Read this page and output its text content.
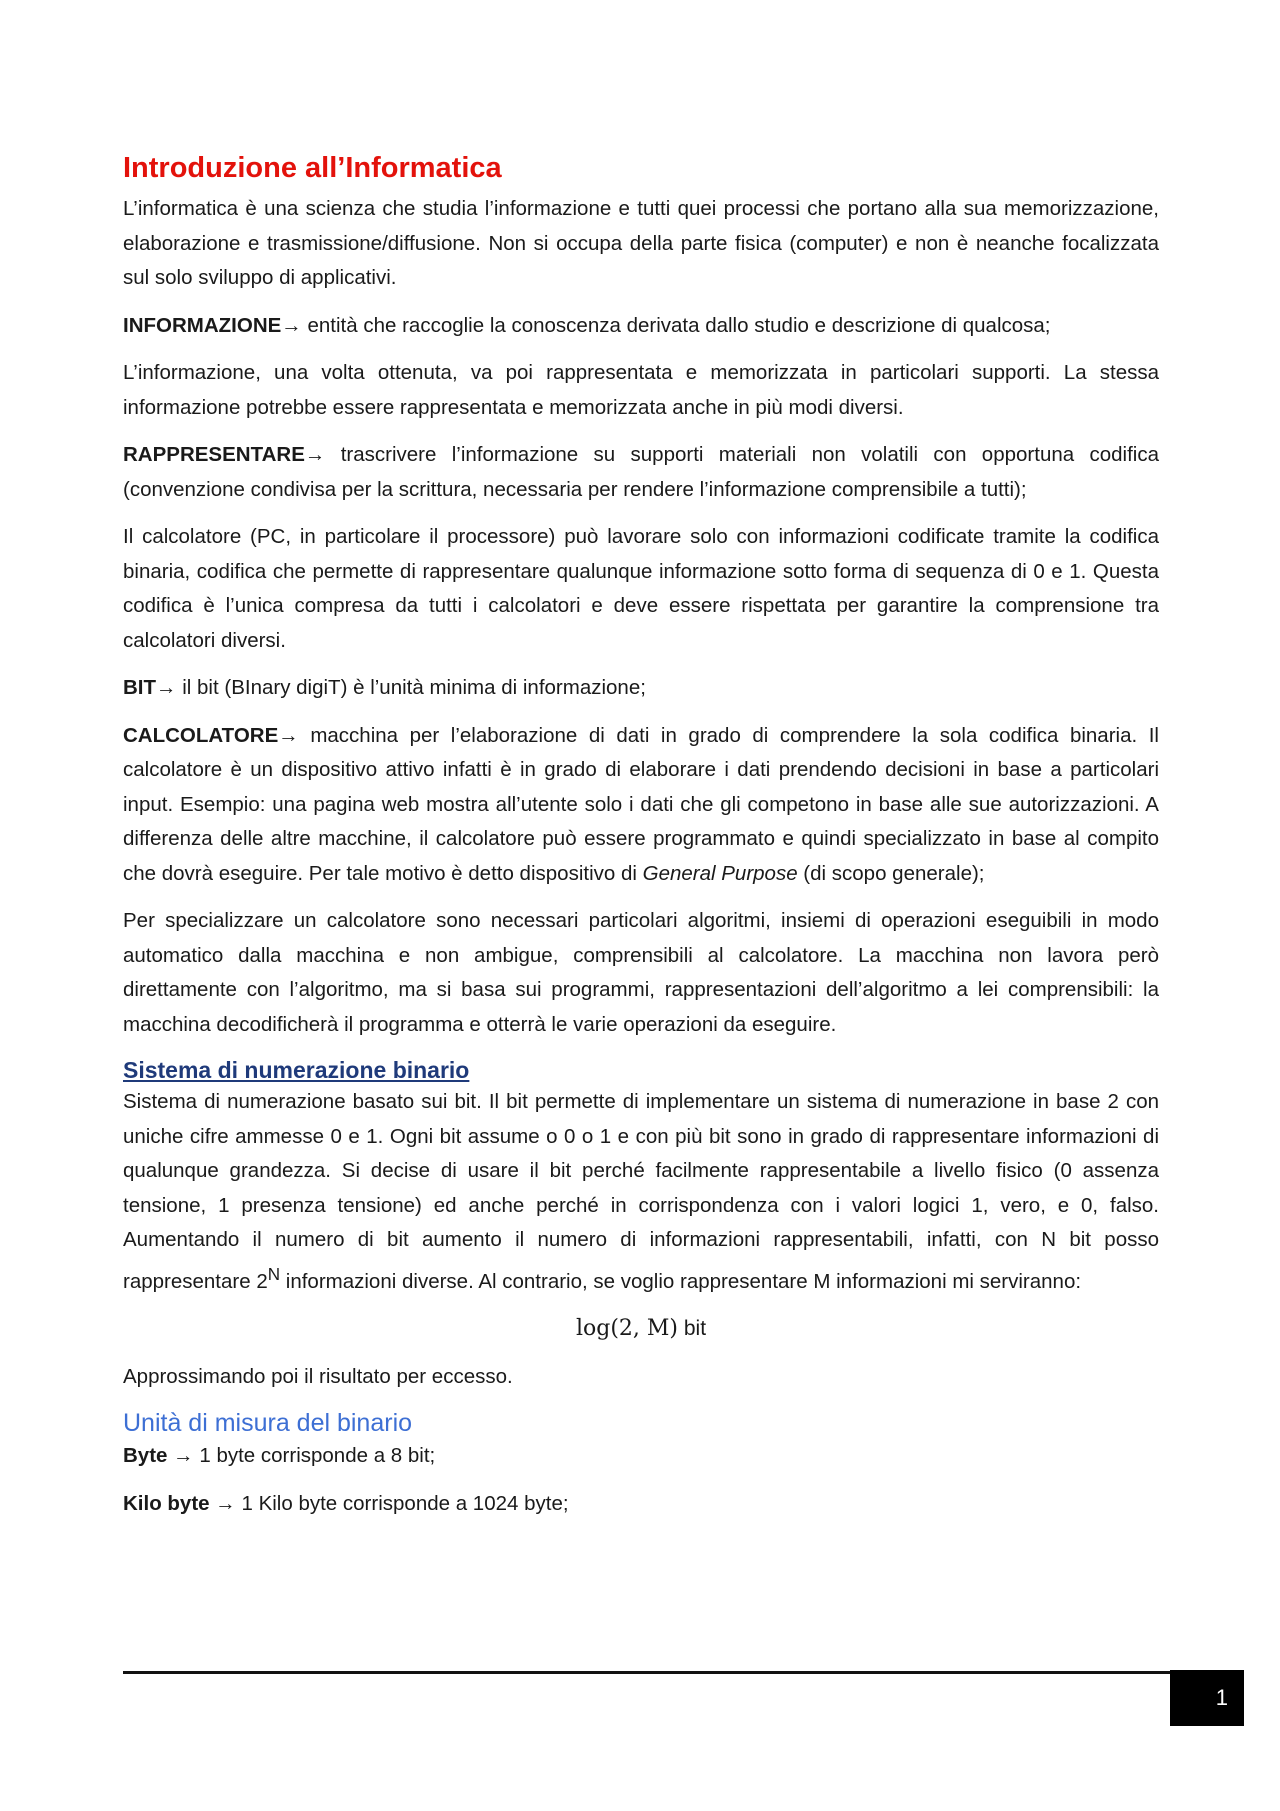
Introduzione all’Informatica

L’informatica è una scienza che studia l’informazione e tutti quei processi che portano alla sua memorizzazione, elaborazione e trasmissione/diffusione. Non si occupa della parte fisica (computer) e non è neanche focalizzata sul solo sviluppo di applicativi.

INFORMAZIONE→ entità che raccoglie la conoscenza derivata dallo studio e descrizione di qualcosa;

L’informazione, una volta ottenuta, va poi rappresentata e memorizzata in particolari supporti. La stessa informazione potrebbe essere rappresentata e memorizzata anche in più modi diversi.

RAPPRESENTARE→ trascrivere l’informazione su supporti materiali non volatili con opportuna codifica (convenzione condivisa per la scrittura, necessaria per rendere l’informazione comprensibile a tutti);

Il calcolatore (PC, in particolare il processore) può lavorare solo con informazioni codificate tramite la codifica binaria, codifica che permette di rappresentare qualunque informazione sotto forma di sequenza di 0 e 1. Questa codifica è l’unica compresa da tutti i calcolatori e deve essere rispettata per garantire la comprensione tra calcolatori diversi.

BIT→ il bit (BInary digiT) è l’unità minima di informazione;

CALCOLATORE→ macchina per l’elaborazione di dati in grado di comprendere la sola codifica binaria. Il calcolatore è un dispositivo attivo infatti è in grado di elaborare i dati prendendo decisioni in base a particolari input. Esempio: una pagina web mostra all’utente solo i dati che gli competono in base alle sue autorizzazioni. A differenza delle altre macchine, il calcolatore può essere programmato e quindi specializzato in base al compito che dovrà eseguire. Per tale motivo è detto dispositivo di General Purpose (di scopo generale);

Per specializzare un calcolatore sono necessari particolari algoritmi, insiemi di operazioni eseguibili in modo automatico dalla macchina e non ambigue, comprensibili al calcolatore. La macchina non lavora però direttamente con l’algoritmo, ma si basa sui programmi, rappresentazioni dell’algoritmo a lei comprensibili: la macchina decodificherà il programma e otterrà le varie operazioni da eseguire.

Sistema di numerazione binario

Sistema di numerazione basato sui bit. Il bit permette di implementare un sistema di numerazione in base 2 con uniche cifre ammesse 0 e 1. Ogni bit assume o 0 o 1 e con più bit sono in grado di rappresentare informazioni di qualunque grandezza. Si decise di usare il bit perché facilmente rappresentabile a livello fisico (0 assenza tensione, 1 presenza tensione) ed anche perché in corrispondenza con i valori logici 1, vero, e 0, falso. Aumentando il numero di bit aumento il numero di informazioni rappresentabili, infatti, con N bit posso rappresentare $2^N$ informazioni diverse. Al contrario, se voglio rappresentare M informazioni mi serviranno:

log(2, M) bit

Approssimando poi il risultato per eccesso.

Unità di misura del binario

Byte → 1 byte corrisponde a 8 bit;

Kilo byte → 1 Kilo byte corrisponde a 1024 byte;

1
